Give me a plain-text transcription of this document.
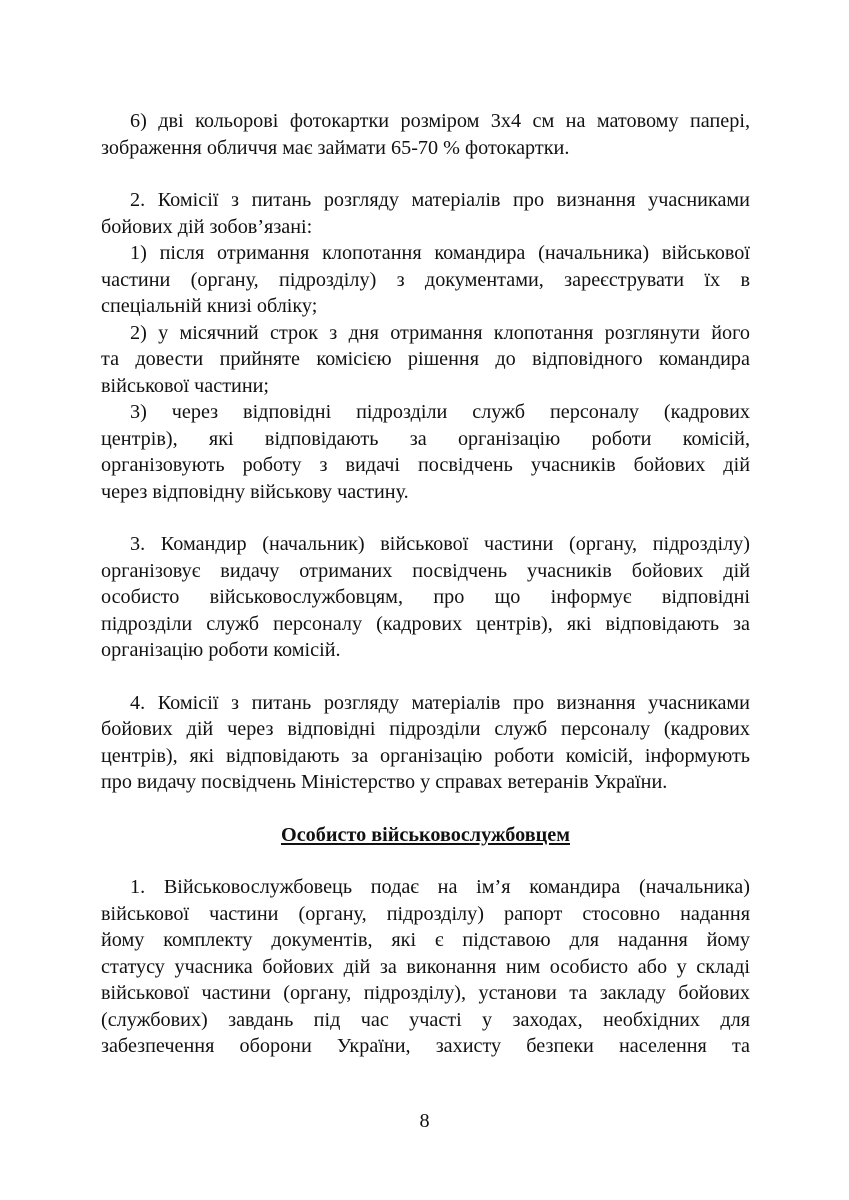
6) дві кольорові фотокартки розміром 3х4 см на матовому папері,
зображення обличчя має займати 65-70 % фотокартки.
2. Комісії з питань розгляду матеріалів про визнання учасниками
бойових дій зобов’язані:
1) після отримання клопотання командира (начальника) військової
частини (органу, підрозділу) з документами, зареєструвати їх в
спеціальній книзі обліку;
2) у місячний строк з дня отримання клопотання розглянути його
та довести прийняте комісією рішення до відповідного командира
військової частини;
3) через відповідні підрозділи служб персоналу (кадрових
центрів), які відповідають за організацію роботи комісій,
організовують роботу з видачі посвідчень учасників бойових дій
через відповідну військову частину.
3. Командир (начальник) військової частини (органу, підрозділу)
організовує видачу отриманих посвідчень учасників бойових дій
особисто військовослужбовцям, про що інформує відповідні
підрозділи служб персоналу (кадрових центрів), які відповідають за
організацію роботи комісій.
4. Комісії з питань розгляду матеріалів про визнання учасниками
бойових дій через відповідні підрозділи служб персоналу (кадрових
центрів), які відповідають за організацію роботи комісій, інформують
про видачу посвідчень Міністерство у справах ветеранів України.
Особисто військовослужбовцем
1. Військовослужбовець подає на ім’я командира (начальника)
військової частини (органу, підрозділу) рапорт стосовно надання
йому комплекту документів, які є підставою для надання йому
статусу учасника бойових дій за виконання ним особисто або у складі
військової частини (органу, підрозділу), установи та закладу бойових
(службових) завдань під час участі у заходах, необхідних для
забезпечення оборони України, захисту безпеки населення та
8
